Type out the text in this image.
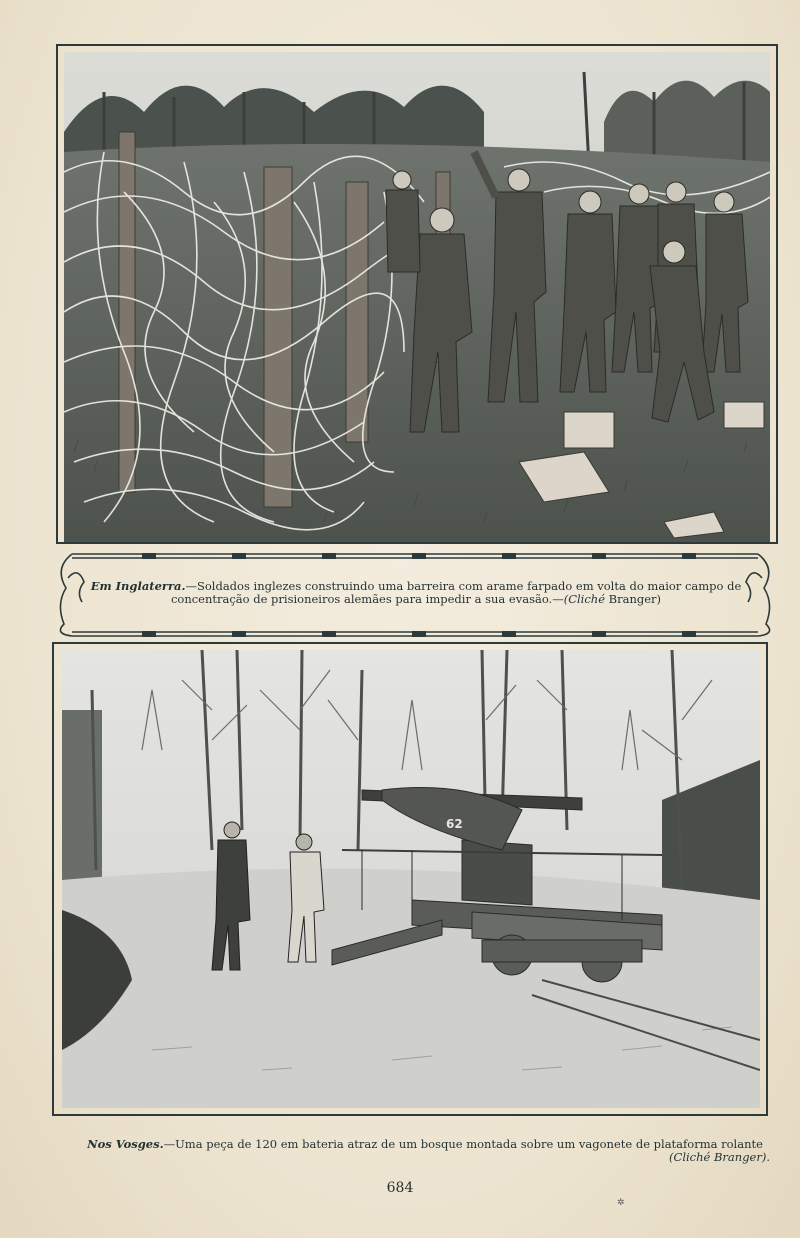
Em Inglaterra.—Soldados inglezes construindo uma barreira com arame farpado em volta do maior campo de concentração de prisioneiros alemães para impedir a sua evasão.—(Cliché Branger)
62
Nos Vosges.—Uma peça de 120 em bateria atraz de um bosque montada sobre um vagonete de plataforma rolante
(Cliché Branger).
684
✲
